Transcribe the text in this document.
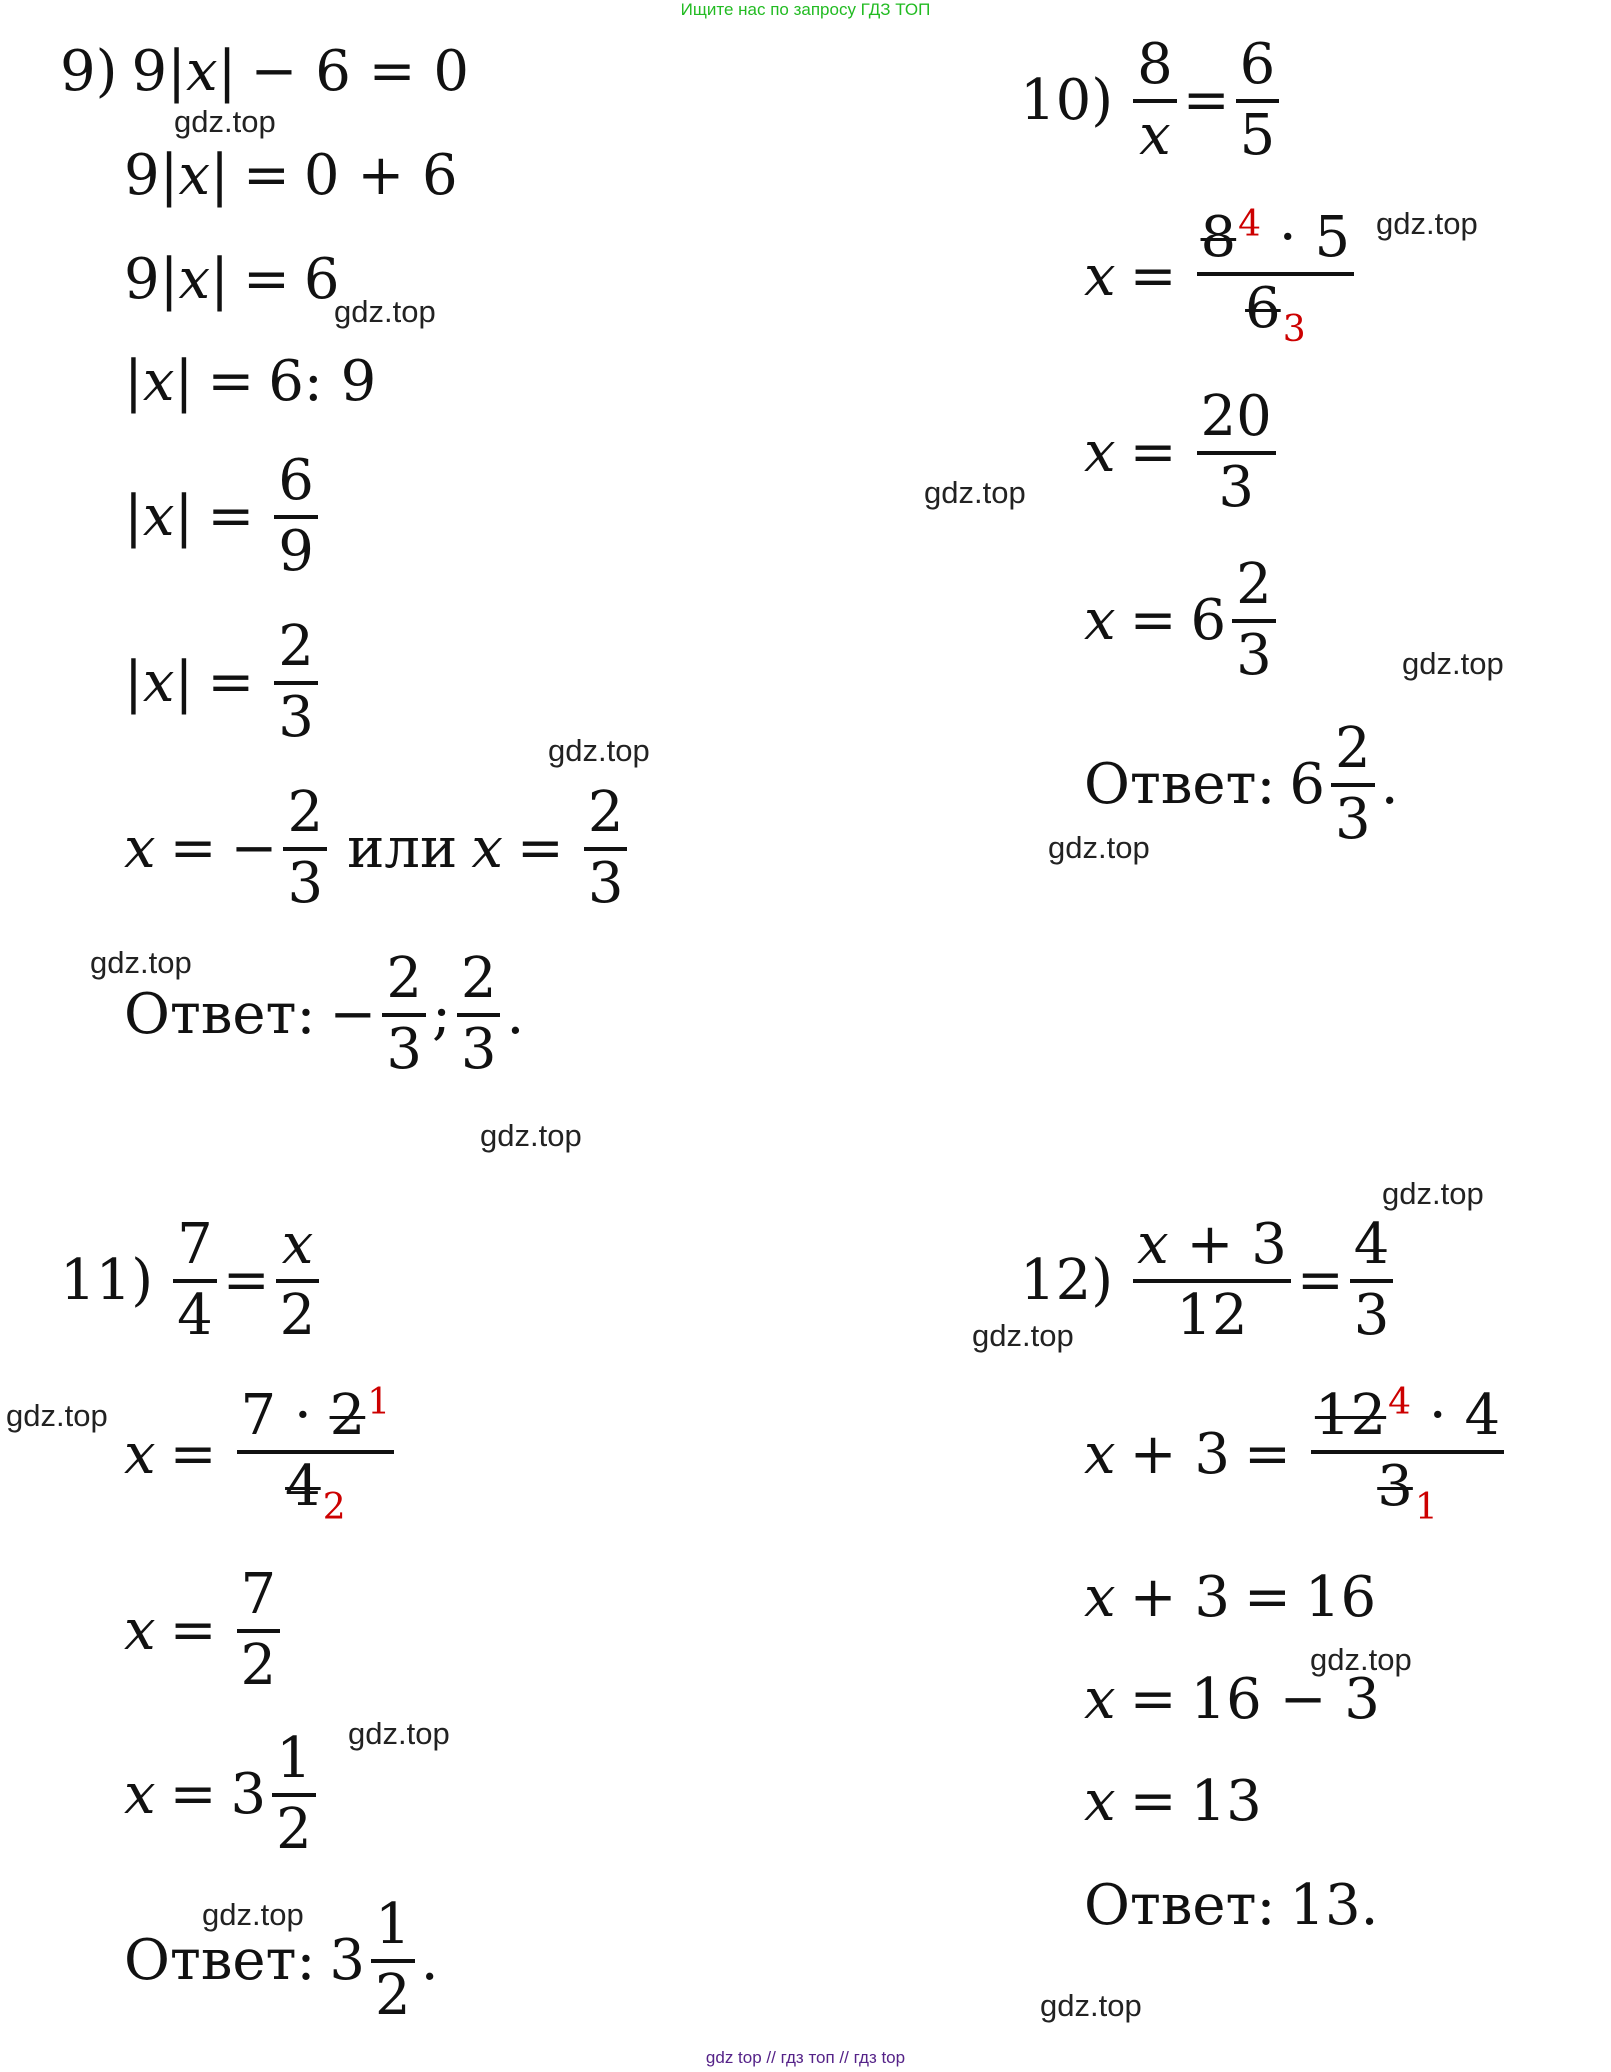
Ищите нас по запросу ГДЗ ТОП
gdz.top
gdz.top
gdz.top
gdz.top
gdz.top
gdz.top
gdz.top
gdz.top
gdz.top
gdz.top
gdz.top
gdz.top
gdz.top
gdz.top
gdz.top
gdz.top
9) 9 | x | − 6 = 0
9 | x | = 0 + 6
9 | x | = 6
| x | = 6: 9
| x | = $\frac{6}{9}$
| x | = $\frac{2}{3}$
x = − $\frac{2}{3}$ или $x = \frac{2}{3}$
Ответ: − $\frac{2}{3}$ ; $\frac{2}{3}$ .
$10) \frac{8}{x} = \frac{6}{5}$
$x = \frac{8^4 \cdot 5}{6_3}$
$x = \frac{20}{3}$
$x = 6 \frac{2}{3}$
Ответ: $6 \frac{2}{3}$ .
$11) \frac{7}{4} = \frac{x}{2}$
$x = \frac{7 \cdot 2^1}{4_2}$
$x = \frac{7}{2}$
$x = 3 \frac{1}{2}$
Ответ: $3 \frac{1}{2}$ .
$12) \frac{x + 3}{12} = \frac{4}{3}$
$x + 3 = \frac{12^4 \cdot 4}{3_1}$
x + 3 = 16
x = 16 − 3
x = 13
Ответ: 13.
gdz top // гдз топ // гдз top
